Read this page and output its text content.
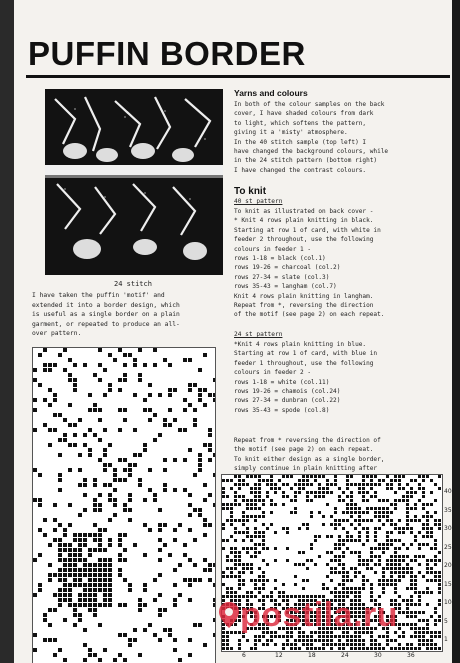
PUFFIN BORDER
24 stitch
I have taken the puffin 'motif' and
extended it into a border design, which
is useful as a single border on a plain
garment, or repeated to produce an all-
over pattern.
Yarns and colours
In both of the colour samples on the back
cover, I have shaded colours from dark
to light, which softens the pattern,
giving it a 'misty' atmosphere.
In the 40 stitch sample (top left) I
have changed the background colours, while
in the 24 stitch pattern (bottom right)
I have changed the contrast colours.
To knit
40 st pattern
To knit as illustrated on back cover -
* Knit 4 rows plain knitting in black.
Starting at row 1 of card, with white in
feeder 2 throughout, use the following
colours in feeder 1 -
rows 1-18 = black (col.1)
rows 19-26 = charcoal (col.2)
rows 27-34 = slate (col.3)
rows 35-43 = langham (col.7)
Knit 4 rows plain knitting in langham.
Repeat from *, reversing the direction
of the motif (see page 2) on each repeat.
24 st pattern
*Knit 4 rows plain knitting in blue.
Starting at row 1 of card, with blue in
feeder 1 throughout, use the following
colours in feeder 2 -
rows 1-18 = white (col.11)
rows 19-26 = chamois (col.24)
rows 27-34 = dunbran (col.22)
rows 35-43 = spode (col.8)
Repeat from * reversing the direction of
the motif (see page 2) on each repeat.
To knit either design as a single border,
simply continue in plain knitting after

40
35
30
25
20
15
10
5
1
6	12	18	24	30	36
postila.ru
